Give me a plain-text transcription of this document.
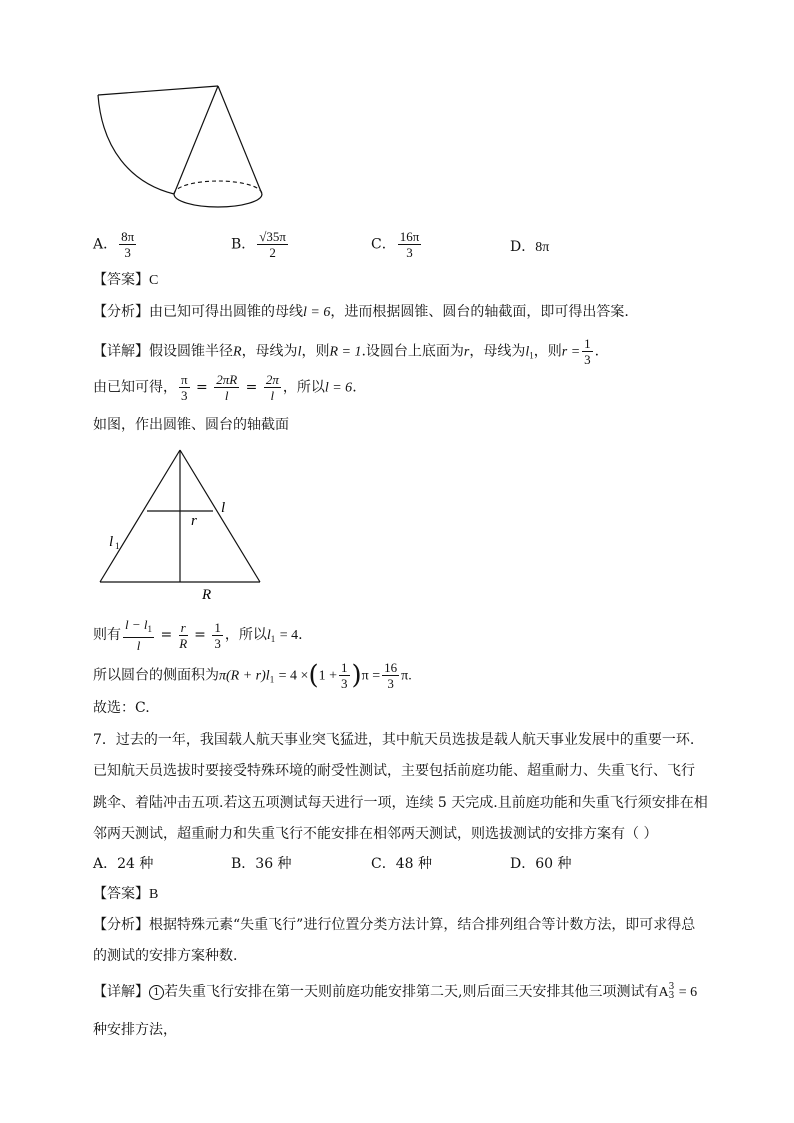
A． $\frac{8\pi}{3}$	B． $\frac{√35\pi}{2}$	C． $\frac{16\pi}{3}$	D．8π
【答案】C
【分析】由已知可得出圆锥的母线l = 6，进而根据圆锥、圆台的轴截面，即可得出答案.
【详解】假设圆锥半径R，母线为l，则R = 1.设圆台上底面为r，母线为$l_1$，则$r = \frac{1}{3}$ .
由已知可得， $\frac{\pi}{3} = \frac{2\pi R}{l} = \frac{2\pi}{l}$ ，所以l = 6.
如图，作出圆锥、圆台的轴截面
l
r
l 1
R
则有 $\frac{l - l_1}{l} = \frac{r}{R} = \frac{1}{3}$ ，所以$l_1 = 4$.
所以圆台的侧面积为$\pi(R + r)l_1 = 4 \times(1 + \frac{1}{3} )\pi = \frac{16}{3} \pi$.
故选：C.
7．过去的一年，我国载人航天事业突飞猛进，其中航天员选拔是载人航天事业发展中的重要一环.
已知航天员选拔时要接受特殊环境的耐受性测试，主要包括前庭功能、超重耐力、失重飞行、飞行
跳伞、着陆冲击五项.若这五项测试每天进行一项，连续 5 天完成.且前庭功能和失重飞行须安排在相
邻两天测试，超重耐力和失重飞行不能安排在相邻两天测试，则选拔测试的安排方案有（ ）
A．24 种	B．36 种	C．48 种	D．60 种
【答案】B
【分析】根据特殊元素“失重飞行”进行位置分类方法计算，结合排列组合等计数方法，即可求得总
的测试的安排方案种数.
【详解】 1 若失重飞行安排在第一天则前庭功能安排第二天,则后面三天安排其他三项测试有A 3
3 = 6
种安排方法，
